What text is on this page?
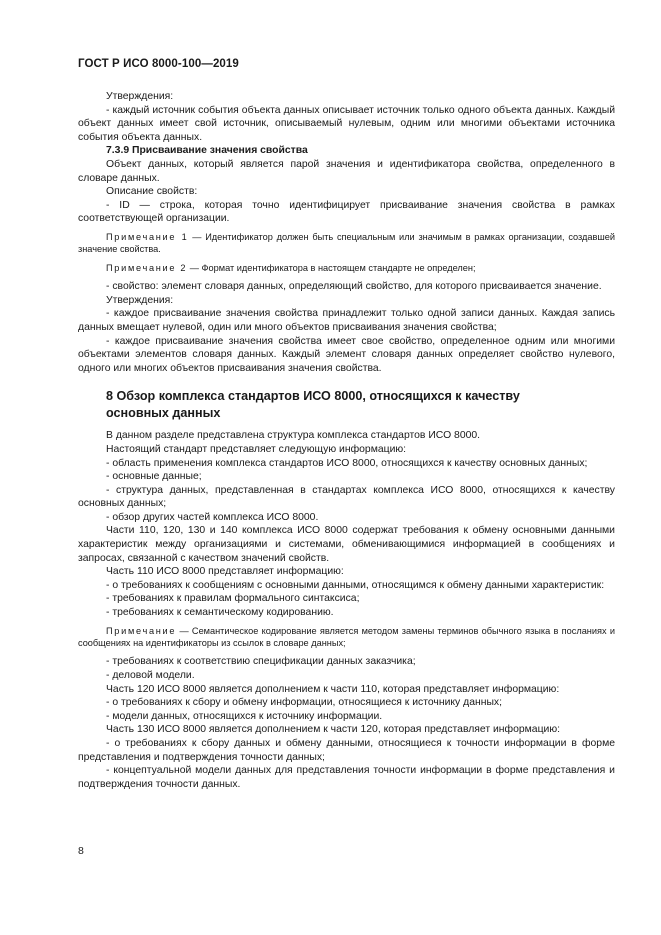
ГОСТ Р ИСО 8000-100—2019

Утверждения:

- каждый источник события объекта данных описывает источник только одного объекта данных. Каждый объект данных имеет свой источник, описываемый нулевым, одним или многими объектами источника события объекта данных.

7.3.9 Присваивание значения свойства

Объект данных, который является парой значения и идентификатора свойства, определенного в словаре данных.

Описание свойств:

- ID — строка, которая точно идентифицирует присваивание значения свойства в рамках соответствующей организации.

Примечание 1 — Идентификатор должен быть специальным или значимым в рамках организации, создавшей значение свойства.

Примечание 2 — Формат идентификатора в настоящем стандарте не определен;

- свойство: элемент словаря данных, определяющий свойство, для которого присваивается значение.

Утверждения:

- каждое присваивание значения свойства принадлежит только одной записи данных. Каждая запись данных вмещает нулевой, один или много объектов присваивания значения свойства;

- каждое присваивание значения свойства имеет свое свойство, определенное одним или многими объектами элементов словаря данных. Каждый элемент словаря данных определяет свойство нулевого, одного или многих объектов присваивания значения свойства.

8 Обзор комплекса стандартов ИСО 8000, относящихся к качеству
основных данных

В данном разделе представлена структура комплекса стандартов ИСО 8000.

Настоящий стандарт представляет следующую информацию:

- область применения комплекса стандартов ИСО 8000, относящихся к качеству основных данных;

- основные данные;

- структура данных, представленная в стандартах комплекса ИСО 8000, относящихся к качеству основных данных;

- обзор других частей комплекса ИСО 8000.

Части 110, 120, 130 и 140 комплекса ИСО 8000 содержат требования к обмену основными данными характеристик между организациями и системами, обменивающимися информацией в сообщениях и запросах, связанной с качеством значений свойств.

Часть 110 ИСО 8000 представляет информацию:

- о требованиях к сообщениям с основными данными, относящимся к обмену данными характеристик:

- требованиях к правилам формального синтаксиса;

- требованиях к семантическому кодированию.

Примечание — Семантическое кодирование является методом замены терминов обычного языка в посланиях и сообщениях на идентификаторы из ссылок в словаре данных;

- требованиях к соответствию спецификации данных заказчика;

- деловой модели.

Часть 120 ИСО 8000 является дополнением к части 110, которая представляет информацию:

- о требованиях к сбору и обмену информации, относящиеся к источнику данных;

- модели данных, относящихся к источнику информации.

Часть 130 ИСО 8000 является дополнением к части 120, которая представляет информацию:

- о требованиях к сбору данных и обмену данными, относящиеся к точности информации в форме представления и подтверждения точности данных;

- концептуальной модели данных для представления точности информации в форме представления и подтверждения точности данных.

8
